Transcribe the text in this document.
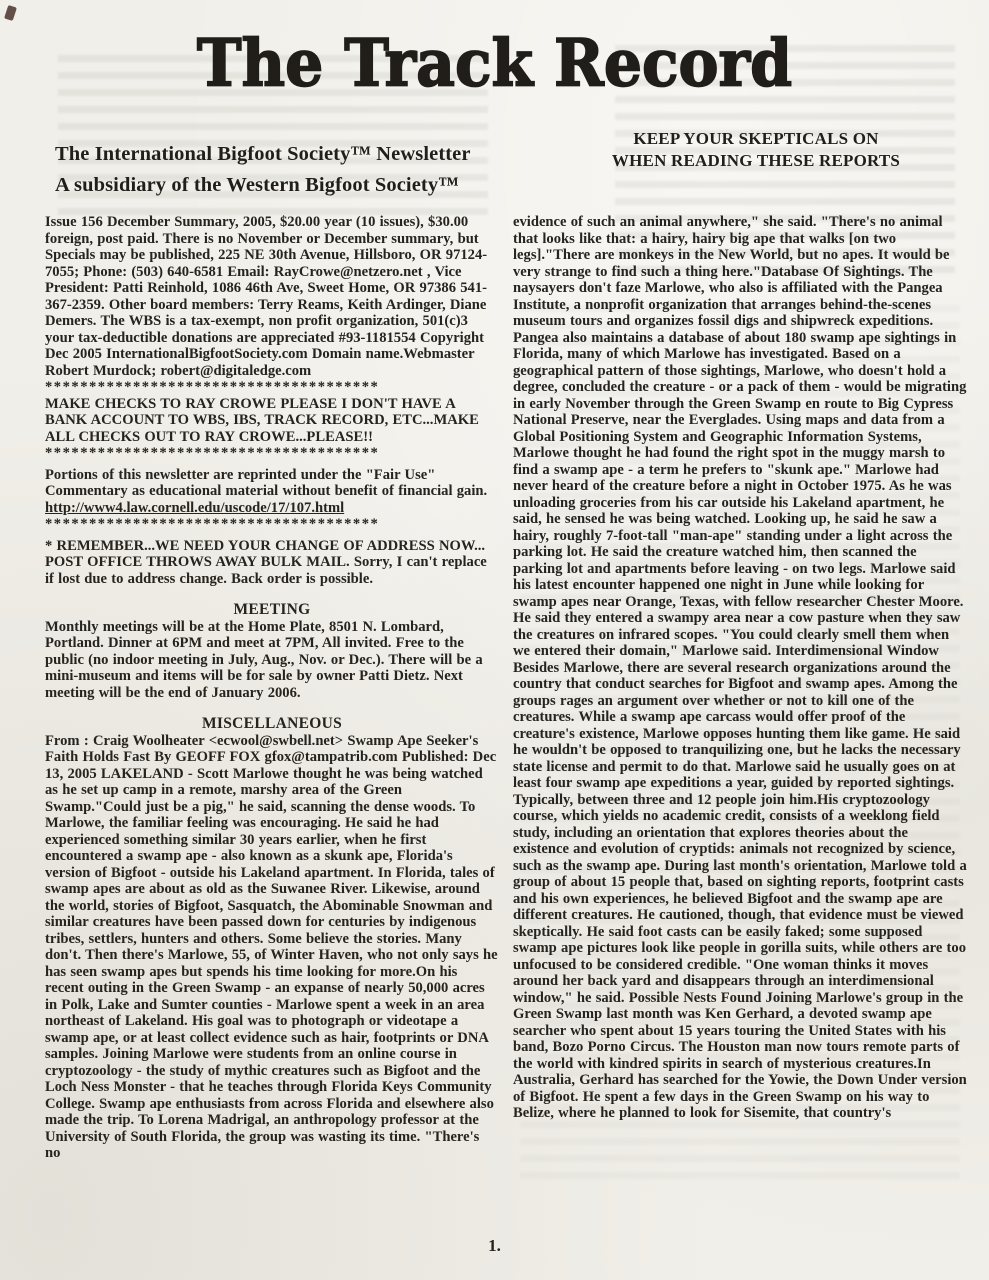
The Track Record
The International Bigfoot Society™ Newsletter
A subsidiary of the Western Bigfoot Society™
KEEP YOUR SKEPTICALS ON
WHEN READING THESE REPORTS

Issue 156 December Summary, 2005, $20.00 year (10 issues), $30.00 foreign, post paid. There is no November or December summary, but Specials may be published, 225 NE 30th Avenue, Hillsboro, OR 97124-7055; Phone: (503) 640-6581 Email: RayCrowe@netzero.net , Vice President: Patti Reinhold, 1086 46th Ave, Sweet Home, OR 97386 541-367-2359. Other board members: Terry Reams, Keith Ardinger, Diane Demers. The WBS is a tax-exempt, non profit organization, 501(c)3 your tax-deductible donations are appreciated #93-1181554 Copyright Dec 2005 InternationalBigfootSociety.com Domain name.Webmaster Robert Murdock; robert@digitaledge.com

**************************************

MAKE CHECKS TO RAY CROWE PLEASE I DON'T HAVE A BANK ACCOUNT TO WBS, IBS, TRACK RECORD, ETC...MAKE ALL CHECKS OUT TO RAY CROWE...PLEASE!!

**************************************

Portions of this newsletter are reprinted under the "Fair Use" Commentary as educational material without benefit of financial gain. http://www4.law.cornell.edu/uscode/17/107.html

**************************************

* REMEMBER...WE NEED YOUR CHANGE OF ADDRESS NOW... POST OFFICE THROWS AWAY BULK MAIL. Sorry, I can't replace if lost due to address change. Back order is possible.

MEETING

Monthly meetings will be at the Home Plate, 8501 N. Lombard, Portland. Dinner at 6PM and meet at 7PM, All invited. Free to the public (no indoor meeting in July, Aug., Nov. or Dec.). There will be a mini-museum and items will be for sale by owner Patti Dietz. Next meeting will be the end of January 2006.

MISCELLANEOUS

From : Craig Woolheater <ecwool@swbell.net> Swamp Ape Seeker's Faith Holds Fast By GEOFF FOX gfox@tampatrib.com Published: Dec 13, 2005 LAKELAND - Scott Marlowe thought he was being watched as he set up camp in a remote, marshy area of the Green Swamp."Could just be a pig," he said, scanning the dense woods. To Marlowe, the familiar feeling was encouraging. He said he had experienced something similar 30 years earlier, when he first encountered a swamp ape - also known as a skunk ape, Florida's version of Bigfoot - outside his Lakeland apartment. In Florida, tales of swamp apes are about as old as the Suwanee River. Likewise, around the world, stories of Bigfoot, Sasquatch, the Abominable Snowman and similar creatures have been passed down for centuries by indigenous tribes, settlers, hunters and others. Some believe the stories. Many don't. Then there's Marlowe, 55, of Winter Haven, who not only says he has seen swamp apes but spends his time looking for more.On his recent outing in the Green Swamp - an expanse of nearly 50,000 acres in Polk, Lake and Sumter counties - Marlowe spent a week in an area northeast of Lakeland. His goal was to photograph or videotape a swamp ape, or at least collect evidence such as hair, footprints or DNA samples. Joining Marlowe were students from an online course in cryptozoology - the study of mythic creatures such as Bigfoot and the Loch Ness Monster - that he teaches through Florida Keys Community College. Swamp ape enthusiasts from across Florida and elsewhere also made the trip. To Lorena Madrigal, an anthropology professor at the University of South Florida, the group was wasting its time. "There's no

evidence of such an animal anywhere," she said. "There's no animal that looks like that: a hairy, hairy big ape that walks [on two legs]."There are monkeys in the New World, but no apes. It would be very strange to find such a thing here."Database Of Sightings. The naysayers don't faze Marlowe, who also is affiliated with the Pangea Institute, a nonprofit organization that arranges behind-the-scenes museum tours and organizes fossil digs and shipwreck expeditions. Pangea also maintains a database of about 180 swamp ape sightings in Florida, many of which Marlowe has investigated. Based on a geographical pattern of those sightings, Marlowe, who doesn't hold a degree, concluded the creature - or a pack of them - would be migrating in early November through the Green Swamp en route to Big Cypress National Preserve, near the Everglades. Using maps and data from a Global Positioning System and Geographic Information Systems, Marlowe thought he had found the right spot in the muggy marsh to find a swamp ape - a term he prefers to "skunk ape." Marlowe had never heard of the creature before a night in October 1975. As he was unloading groceries from his car outside his Lakeland apartment, he said, he sensed he was being watched. Looking up, he said he saw a hairy, roughly 7-foot-tall "man-ape" standing under a light across the parking lot. He said the creature watched him, then scanned the parking lot and apartments before leaving - on two legs. Marlowe said his latest encounter happened one night in June while looking for swamp apes near Orange, Texas, with fellow researcher Chester Moore. He said they entered a swampy area near a cow pasture when they saw the creatures on infrared scopes. "You could clearly smell them when we entered their domain," Marlowe said. Interdimensional Window Besides Marlowe, there are several research organizations around the country that conduct searches for Bigfoot and swamp apes. Among the groups rages an argument over whether or not to kill one of the creatures. While a swamp ape carcass would offer proof of the creature's existence, Marlowe opposes hunting them like game. He said he wouldn't be opposed to tranquilizing one, but he lacks the necessary state license and permit to do that. Marlowe said he usually goes on at least four swamp ape expeditions a year, guided by reported sightings. Typically, between three and 12 people join him.His cryptozoology course, which yields no academic credit, consists of a weeklong field study, including an orientation that explores theories about the existence and evolution of cryptids: animals not recognized by science, such as the swamp ape. During last month's orientation, Marlowe told a group of about 15 people that, based on sighting reports, footprint casts and his own experiences, he believed Bigfoot and the swamp ape are different creatures. He cautioned, though, that evidence must be viewed skeptically. He said foot casts can be easily faked; some supposed swamp ape pictures look like people in gorilla suits, while others are too unfocused to be considered credible. "One woman thinks it moves around her back yard and disappears through an interdimensional window," he said. Possible Nests Found Joining Marlowe's group in the Green Swamp last month was Ken Gerhard, a devoted swamp ape searcher who spent about 15 years touring the United States with his band, Bozo Porno Circus. The Houston man now tours remote parts of the world with kindred spirits in search of mysterious creatures.In Australia, Gerhard has searched for the Yowie, the Down Under version of Bigfoot. He spent a few days in the Green Swamp on his way to Belize, where he planned to look for Sisemite, that country's

1.
